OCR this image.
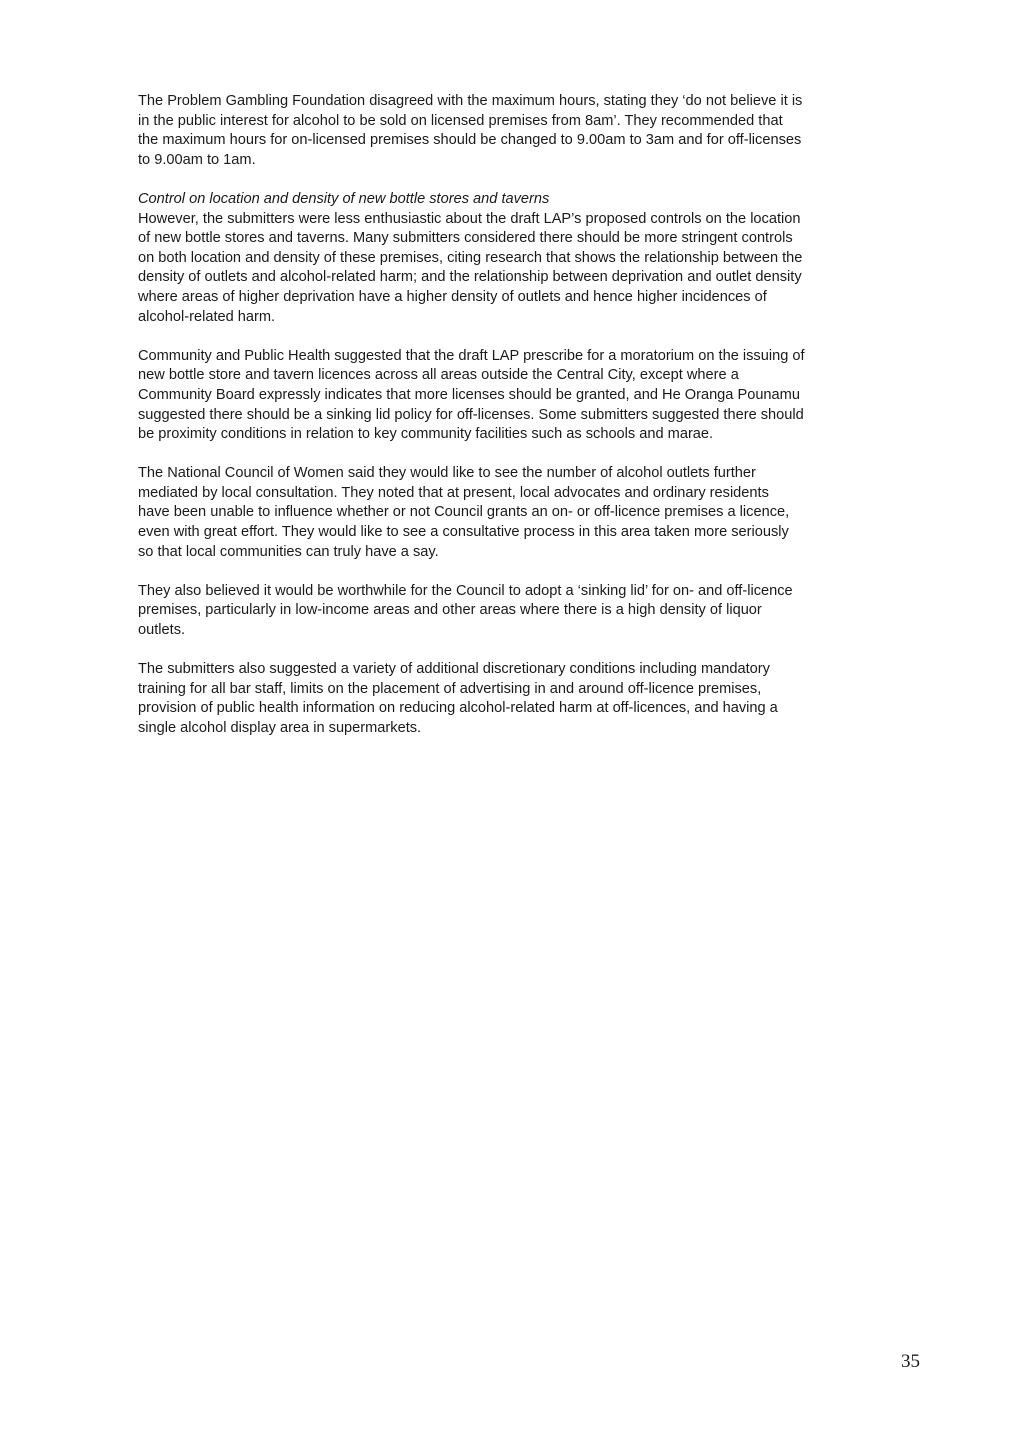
The Problem Gambling Foundation disagreed with the maximum hours, stating they ‘do not believe it is
in the public interest for alcohol to be sold on licensed premises from 8am’. They recommended that
the maximum hours for on-licensed premises should be changed to 9.00am to 3am and for off-licenses
to 9.00am to 1am.

Control on location and density of new bottle stores and taverns
However, the submitters were less enthusiastic about the draft LAP’s proposed controls on the location
of new bottle stores and taverns. Many submitters considered there should be more stringent controls
on both location and density of these premises, citing research that shows the relationship between the
density of outlets and alcohol-related harm; and the relationship between deprivation and outlet density
where areas of higher deprivation have a higher density of outlets and hence higher incidences of
alcohol-related harm.

Community and Public Health suggested that the draft LAP prescribe for a moratorium on the issuing of
new bottle store and tavern licences across all areas outside the Central City, except where a
Community Board expressly indicates that more licenses should be granted, and He Oranga Pounamu
suggested there should be a sinking lid policy for off-licenses. Some submitters suggested there should
be proximity conditions in relation to key community facilities such as schools and marae.

The National Council of Women said they would like to see the number of alcohol outlets further
mediated by local consultation. They noted that at present, local advocates and ordinary residents
have been unable to influence whether or not Council grants an on- or off-licence premises a licence,
even with great effort. They would like to see a consultative process in this area taken more seriously
so that local communities can truly have a say.

They also believed it would be worthwhile for the Council to adopt a ‘sinking lid’ for on- and off-licence
premises, particularly in low-income areas and other areas where there is a high density of liquor
outlets.

The submitters also suggested a variety of additional discretionary conditions including mandatory
training for all bar staff, limits on the placement of advertising in and around off-licence premises,
provision of public health information on reducing alcohol-related harm at off-licences, and having a
single alcohol display area in supermarkets.

35
